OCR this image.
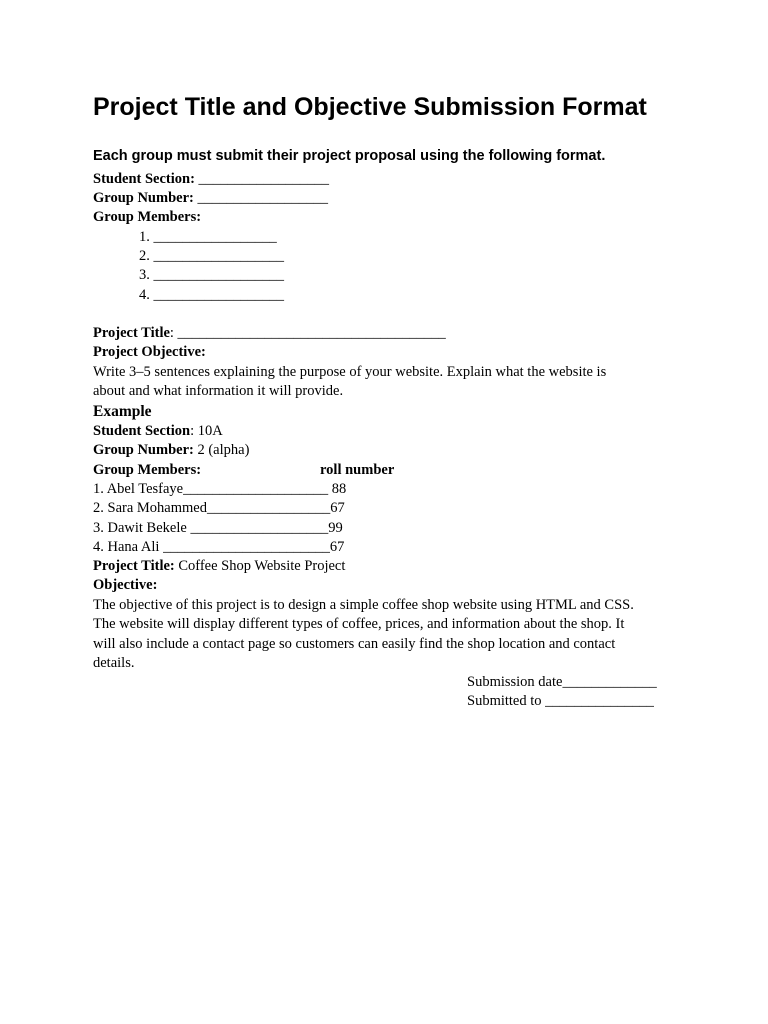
Project Title and Objective Submission Format

Each group must submit their project proposal using the following format.

Student Section: __________________

Group Number: __________________

Group Members:

1. _________________

2. __________________

3. __________________

4. __________________

Project Title: _____________________________________

Project Objective:

Write 3–5 sentences explaining the purpose of your website. Explain what the website is
about and what information it will provide.

Example

Student Section: 10A

Group Number: 2 (alpha)

Group Members:	roll number

1. Abel Tesfaye____________________ 88

2. Sara Mohammed_________________67

3. Dawit Bekele ___________________99

4. Hana Ali _______________________67

Project Title: Coffee Shop Website Project

Objective:

The objective of this project is to design a simple coffee shop website using HTML and CSS.
The website will display different types of coffee, prices, and information about the shop. It
will also include a contact page so customers can easily find the shop location and contact
details.

Submission date_____________

Submitted to _______________
